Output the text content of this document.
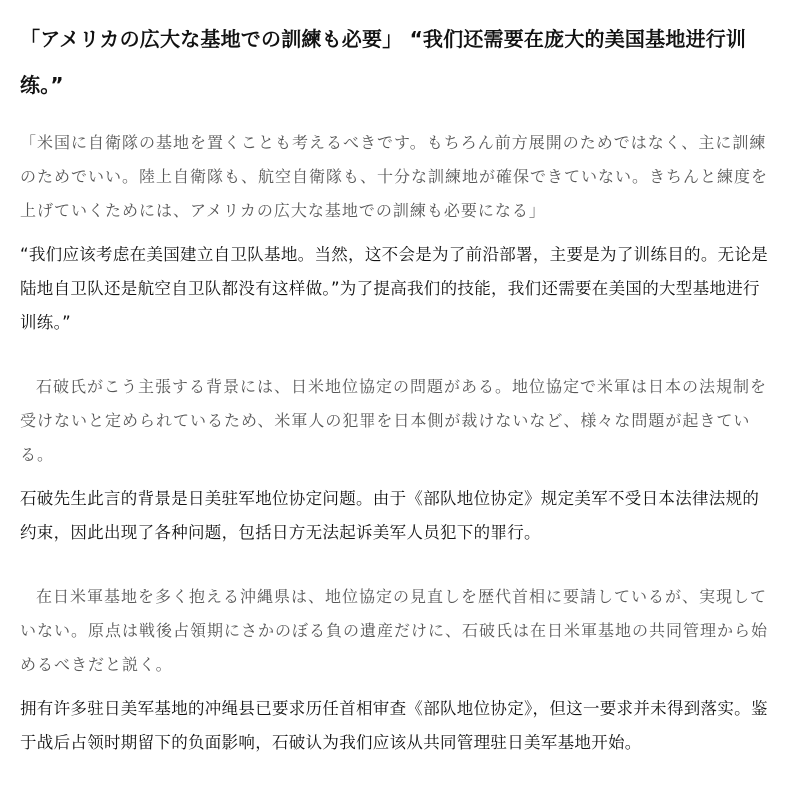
「アメリカの広大な基地での訓練も必要」 “我们还需要在庞大的美国基地进行训练。”

「米国に自衛隊の基地を置くことも考えるべきです。もちろん前方展開のためではなく、主に訓練のためでいい。陸上自衛隊も、航空自衛隊も、十分な訓練地が確保できていない。きちんと練度を上げていくためには、アメリカの広大な基地での訓練も必要になる」

“我们应该考虑在美国建立自卫队基地。当然，这不会是为了前沿部署，主要是为了训练目的。无论是陆地自卫队还是航空自卫队都没有这样做。”为了提高我们的技能，我们还需要在美国的大型基地进行训练。”

石破氏がこう主張する背景には、日米地位協定の問題がある。地位協定で米軍は日本の法規制を受けないと定められているため、米軍人の犯罪を日本側が裁けないなど、様々な問題が起きている。

石破先生此言的背景是日美驻军地位协定问题。由于《部队地位协定》规定美军不受日本法律法规的约束，因此出现了各种问题，包括日方无法起诉美军人员犯下的罪行。

在日米軍基地を多く抱える沖縄県は、地位協定の見直しを歴代首相に要請しているが、実現していない。原点は戦後占領期にさかのぼる負の遺産だけに、石破氏は在日米軍基地の共同管理から始めるべきだと説く。

拥有许多驻日美军基地的冲绳县已要求历任首相审查《部队地位协定》，但这一要求并未得到落实。鉴于战后占领时期留下的负面影响，石破认为我们应该从共同管理驻日美军基地开始。
